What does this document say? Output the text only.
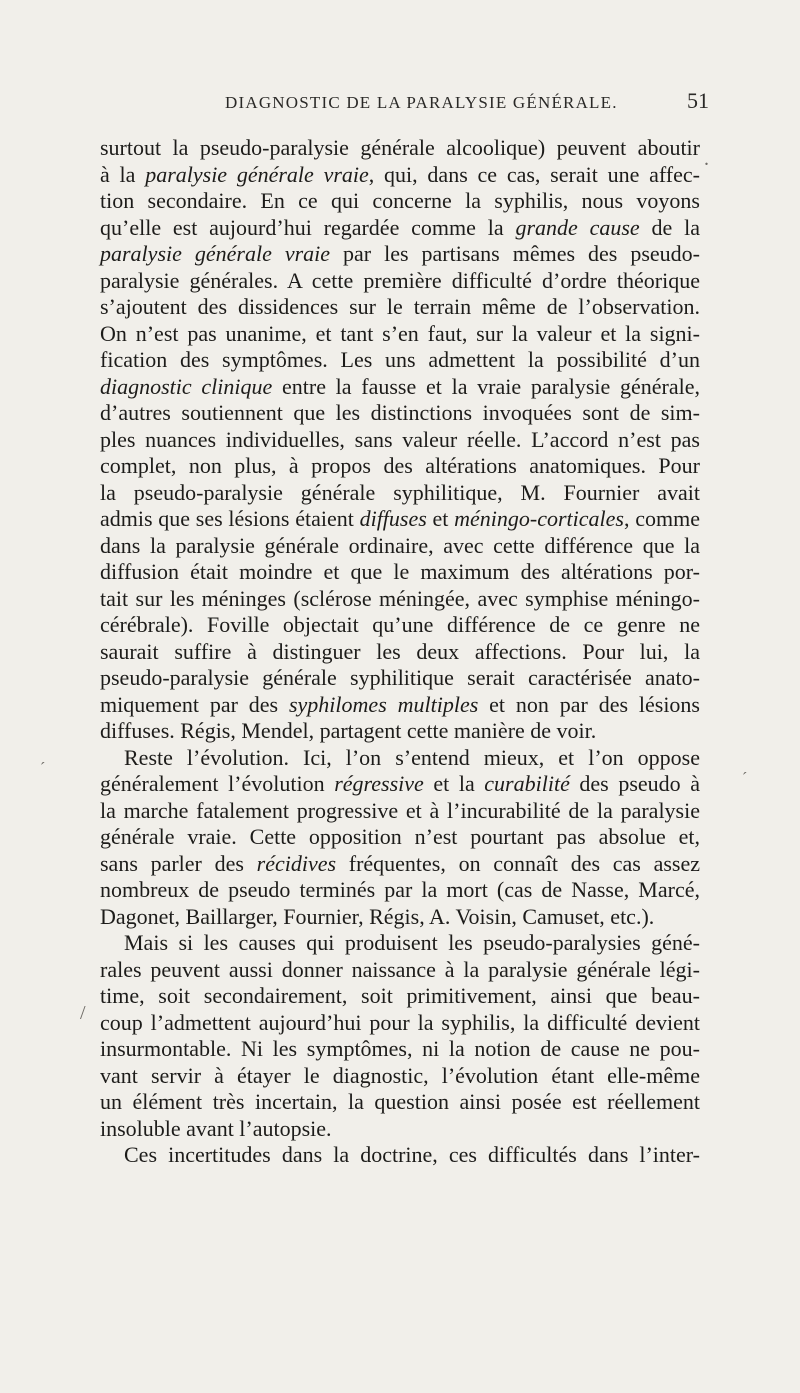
DIAGNOSTIC DE LA PARALYSIE GÉNÉRALE.	51
surtout la pseudo-paralysie générale alcoolique) peuvent aboutir
à la paralysie générale vraie, qui, dans ce cas, serait une affec-
tion secondaire. En ce qui concerne la syphilis, nous voyons
qu’elle est aujourd’hui regardée comme la grande cause de la
paralysie générale vraie par les partisans mêmes des pseudo-
paralysie générales. A cette première difficulté d’ordre théorique
s’ajoutent des dissidences sur le terrain même de l’observation.
On n’est pas unanime, et tant s’en faut, sur la valeur et la signi-
fication des symptômes. Les uns admettent la possibilité d’un
diagnostic clinique entre la fausse et la vraie paralysie générale,
d’autres soutiennent que les distinctions invoquées sont de sim-
ples nuances individuelles, sans valeur réelle. L’accord n’est pas
complet, non plus, à propos des altérations anatomiques. Pour
la pseudo-paralysie générale syphilitique, M. Fournier avait
admis que ses lésions étaient diffuses et méningo-corticales, comme
dans la paralysie générale ordinaire, avec cette différence que la
diffusion était moindre et que le maximum des altérations por-
tait sur les méninges (sclérose méningée, avec symphise méningo-
cérébrale). Foville objectait qu’une différence de ce genre ne
saurait suffire à distinguer les deux affections. Pour lui, la
pseudo-paralysie générale syphilitique serait caractérisée anato-
miquement par des syphilomes multiples et non par des lésions
diffuses. Régis, Mendel, partagent cette manière de voir.
Reste l’évolution. Ici, l’on s’entend mieux, et l’on oppose
généralement l’évolution régressive et la curabilité des pseudo à
la marche fatalement progressive et à l’incurabilité de la paralysie
générale vraie. Cette opposition n’est pourtant pas absolue et,
sans parler des récidives fréquentes, on connaît des cas assez
nombreux de pseudo terminés par la mort (cas de Nasse, Marcé,
Dagonet, Baillarger, Fournier, Régis, A. Voisin, Camuset, etc.).
Mais si les causes qui produisent les pseudo-paralysies géné-
rales peuvent aussi donner naissance à la paralysie générale légi-
time, soit secondairement, soit primitivement, ainsi que beau-
coup l’admettent aujourd’hui pour la syphilis, la difficulté devient
insurmontable. Ni les symptômes, ni la notion de cause ne pou-
vant servir à étayer le diagnostic, l’évolution étant elle-même
un élément très incertain, la question ainsi posée est réellement
insoluble avant l’autopsie.
Ces incertitudes dans la doctrine, ces difficultés dans l’inter-
.
´
´
/
